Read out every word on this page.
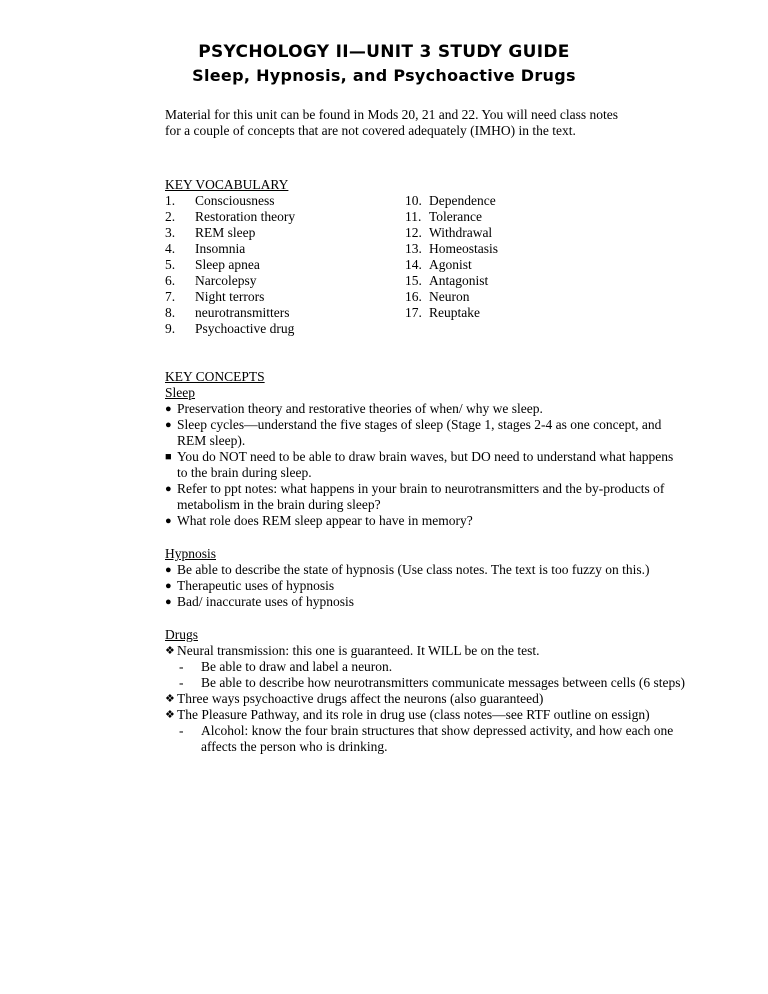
PSYCHOLOGY II—UNIT 3 STUDY GUIDE
Sleep, Hypnosis, and Psychoactive Drugs
Material for this unit can be found in Mods 20, 21 and 22. You will need class notes for a couple of concepts that are not covered adequately (IMHO) in the text.
KEY VOCABULARY
1.	Consciousness
2.	Restoration theory
3.	REM sleep
4.	Insomnia
5.	Sleep apnea
6.	Narcolepsy
7.	Night terrors
8.	neurotransmitters
9.	Psychoactive drug
10. Dependence
11. Tolerance
12. Withdrawal
13. Homeostasis
14. Agonist
15. Antagonist
16. Neuron
17. Reuptake
KEY CONCEPTS
Sleep
● Preservation theory and restorative theories of when/ why we sleep.
● Sleep cycles—understand the five stages of sleep (Stage 1, stages 2-4 as one concept, and REM sleep).
■ You do NOT need to be able to draw brain waves, but DO need to understand what happens to the brain during sleep.
● Refer to ppt notes: what happens in your brain to neurotransmitters and the by-products of metabolism in the brain during sleep?
● What role does REM sleep appear to have in memory?
Hypnosis
● Be able to describe the state of hypnosis (Use class notes. The text is too fuzzy on this.)
● Therapeutic uses of hypnosis
● Bad/ inaccurate uses of hypnosis
Drugs
❖ Neural transmission: this one is guaranteed. It WILL be on the test.
-	Be able to draw and label a neuron.
-	Be able to describe how neurotransmitters communicate messages between cells (6 steps)
❖ Three ways psychoactive drugs affect the neurons (also guaranteed)
❖ The Pleasure Pathway, and its role in drug use (class notes—see RTF outline on essign)
-	Alcohol: know the four brain structures that show depressed activity, and how each one affects the person who is drinking.
